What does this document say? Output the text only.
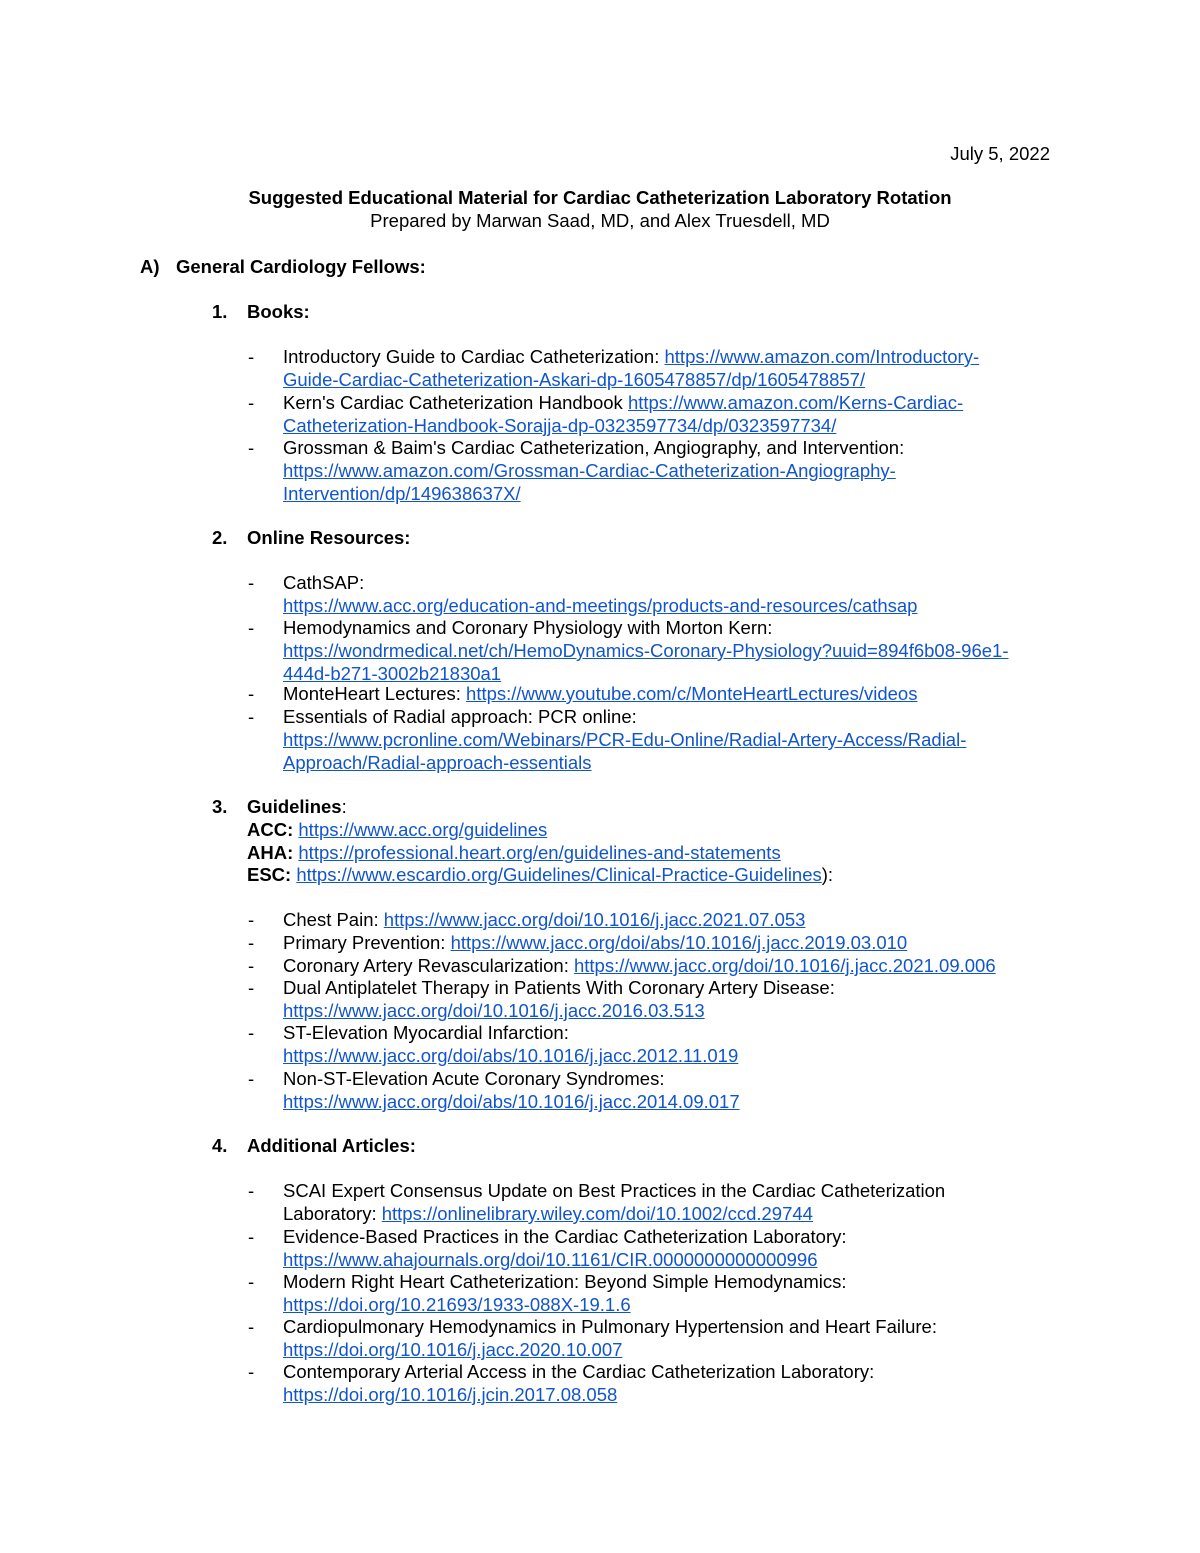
July 5, 2022
Suggested Educational Material for Cardiac Catheterization Laboratory Rotation
Prepared by Marwan Saad, MD, and Alex Truesdell, MD
A) General Cardiology Fellows:
1. Books:
- Introductory Guide to Cardiac Catheterization: https://www.amazon.com/Introductory-
Guide-Cardiac-Catheterization-Askari-dp-1605478857/dp/1605478857/
- Kern's Cardiac Catheterization Handbook https://www.amazon.com/Kerns-Cardiac-
Catheterization-Handbook-Sorajja-dp-0323597734/dp/0323597734/
- Grossman & Baim's Cardiac Catheterization, Angiography, and Intervention:
https://www.amazon.com/Grossman-Cardiac-Catheterization-Angiography-
Intervention/dp/149638637X/
2. Online Resources:
- CathSAP:
https://www.acc.org/education-and-meetings/products-and-resources/cathsap
- Hemodynamics and Coronary Physiology with Morton Kern:
https://wondrmedical.net/ch/HemoDynamics-Coronary-Physiology?uuid=894f6b08-96e1-
444d-b271-3002b21830a1
- MonteHeart Lectures: https://www.youtube.com/c/MonteHeartLectures/videos
- Essentials of Radial approach: PCR online:
https://www.pcronline.com/Webinars/PCR-Edu-Online/Radial-Artery-Access/Radial-
Approach/Radial-approach-essentials
3. Guidelines:
ACC: https://www.acc.org/guidelines
AHA: https://professional.heart.org/en/guidelines-and-statements
ESC: https://www.escardio.org/Guidelines/Clinical-Practice-Guidelines):
- Chest Pain: https://www.jacc.org/doi/10.1016/j.jacc.2021.07.053
- Primary Prevention: https://www.jacc.org/doi/abs/10.1016/j.jacc.2019.03.010
- Coronary Artery Revascularization: https://www.jacc.org/doi/10.1016/j.jacc.2021.09.006
- Dual Antiplatelet Therapy in Patients With Coronary Artery Disease:
https://www.jacc.org/doi/10.1016/j.jacc.2016.03.513
- ST-Elevation Myocardial Infarction:
https://www.jacc.org/doi/abs/10.1016/j.jacc.2012.11.019
- Non-ST-Elevation Acute Coronary Syndromes:
https://www.jacc.org/doi/abs/10.1016/j.jacc.2014.09.017
4. Additional Articles:
- SCAI Expert Consensus Update on Best Practices in the Cardiac Catheterization
Laboratory: https://onlinelibrary.wiley.com/doi/10.1002/ccd.29744
- Evidence-Based Practices in the Cardiac Catheterization Laboratory:
https://www.ahajournals.org/doi/10.1161/CIR.0000000000000996
- Modern Right Heart Catheterization: Beyond Simple Hemodynamics:
https://doi.org/10.21693/1933-088X-19.1.6
- Cardiopulmonary Hemodynamics in Pulmonary Hypertension and Heart Failure:
https://doi.org/10.1016/j.jacc.2020.10.007
- Contemporary Arterial Access in the Cardiac Catheterization Laboratory:
https://doi.org/10.1016/j.jcin.2017.08.058
